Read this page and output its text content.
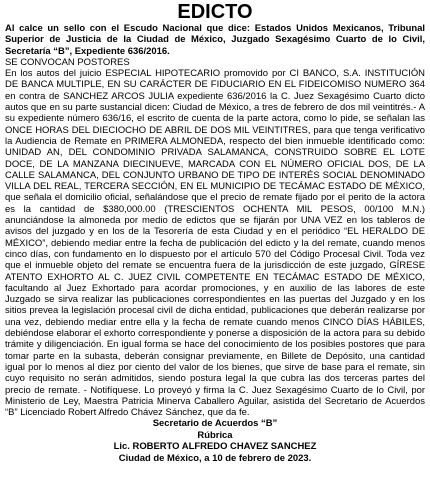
EDICTO

Al calce un sello con el Escudo Nacional que dice: Estados Unidos Mexicanos, Tribunal Superior de Justicia de la Ciudad de México, Juzgado Sexagésimo Cuarto de lo Civil, Secretaría “B”, Expediente 636/2016.

SE CONVOCAN POSTORES

En los autos del juicio ESPECIAL HIPOTECARIO promovido por CI BANCO, S.A. INSTITUCIÓN DE BANCA MULTIPLE, EN SU CARÁCTER DE FIDUCIARIO EN EL FIDEICOMISO NUMERO 364 en contra de SANCHEZ ARCOS JULIA expediente 636/2016 la C. Juez Sexagésimo Cuarto dicto autos que en su parte sustancial dicen: Ciudad de México, a tres de febrero de dos mil veintitrés.- A su expediente número 636/16, el escrito de cuenta de la parte actora, como lo pide, se señalan las ONCE HORAS DEL DIECIOCHO DE ABRIL DE DOS MIL VEINTITRES, para que tenga verificativo la Audiencia de Remate en PRIMERA ALMONEDA, respecto del bien inmueble identificado como: UNIDAD AN, DEL CONDOMINIO PRIVADA SALAMANCA, CONSTRUIDO SOBRE EL LOTE DOCE, DE LA MANZANA DIECINUEVE, MARCADA CON EL NÚMERO OFICIAL DOS, DE LA CALLE SALAMANCA, DEL CONJUNTO URBANO DE TIPO DE INTERÉS SOCIAL DENOMINADO VILLA DEL REAL, TERCERA SECCIÓN, EN EL MUNICIPIO DE TECÁMAC ESTADO DE MÉXICO, que señala el domicilio oficial, señalándose que el precio de remate fijado por el perito de la actora es la cantidad de $380,000.00 (TRESCIENTOS OCHENTA MIL PESOS, 00/100 M.N.) anunciándose la almoneda por medio de edictos que se fijarán por UNA VEZ en los tableros de avisos del juzgado y en los de la Tesorería de esta Ciudad y en el periódico “EL HERALDO DE MÉXICO”, debiendo mediar entre la fecha de publicación del edicto y la del remate, cuando menos cinco días, con fundamento en lo dispuesto por el artículo 570 del Código Procesal Civil. Toda vez que el inmueble objeto del remate se encuentra fuera de la jurisdicción de este juzgado, GÍRESE ATENTO EXHORTO AL C. JUEZ CIVIL COMPETENTE EN TECÁMAC ESTADO DE MÉXICO, facultando al Juez Exhortado para acordar promociones, y en auxilio de las labores de este Juzgado se sirva realizar las publicaciones correspondientes en las puertas del Juzgado y en los sitios prevea la legislación procesal civil de dicha entidad, publicaciones que deberán realizarse por una vez, debiendo mediar entre ella y la fecha de remate cuando menos CINCO DÍAS HÁBILES, debiéndose elaborar el exhorto correspondiente y ponerse a disposición de la actora para su debido trámite y diligenciación. En igual forma se hace del conocimiento de los posibles postores que para tomar parte en la subasta, deberán consignar previamente, en Billete de Depósito, una cantidad igual por lo menos al diez por ciento del valor de los bienes, que sirve de base para el remate, sin cuyo requisito no serán admitidos, siendo postura legal la que cubra las dos terceras partes del precio de remate. - Notifíquese. Lo proveyó y firma la C. Juez Sexagésimo Cuarto de lo Civil, por Ministerio de Ley, Maestra Patricia Minerva Caballero Aguilar, asistida del Secretario de Acuerdos “B” Licenciado Robert Alfredo Chávez Sánchez, que da fe.

Secretario de Acuerdos “B”

Rúbrica

Lic. ROBERTO ALFREDO CHAVEZ SANCHEZ

Ciudad de México, a 10 de febrero de 2023.
